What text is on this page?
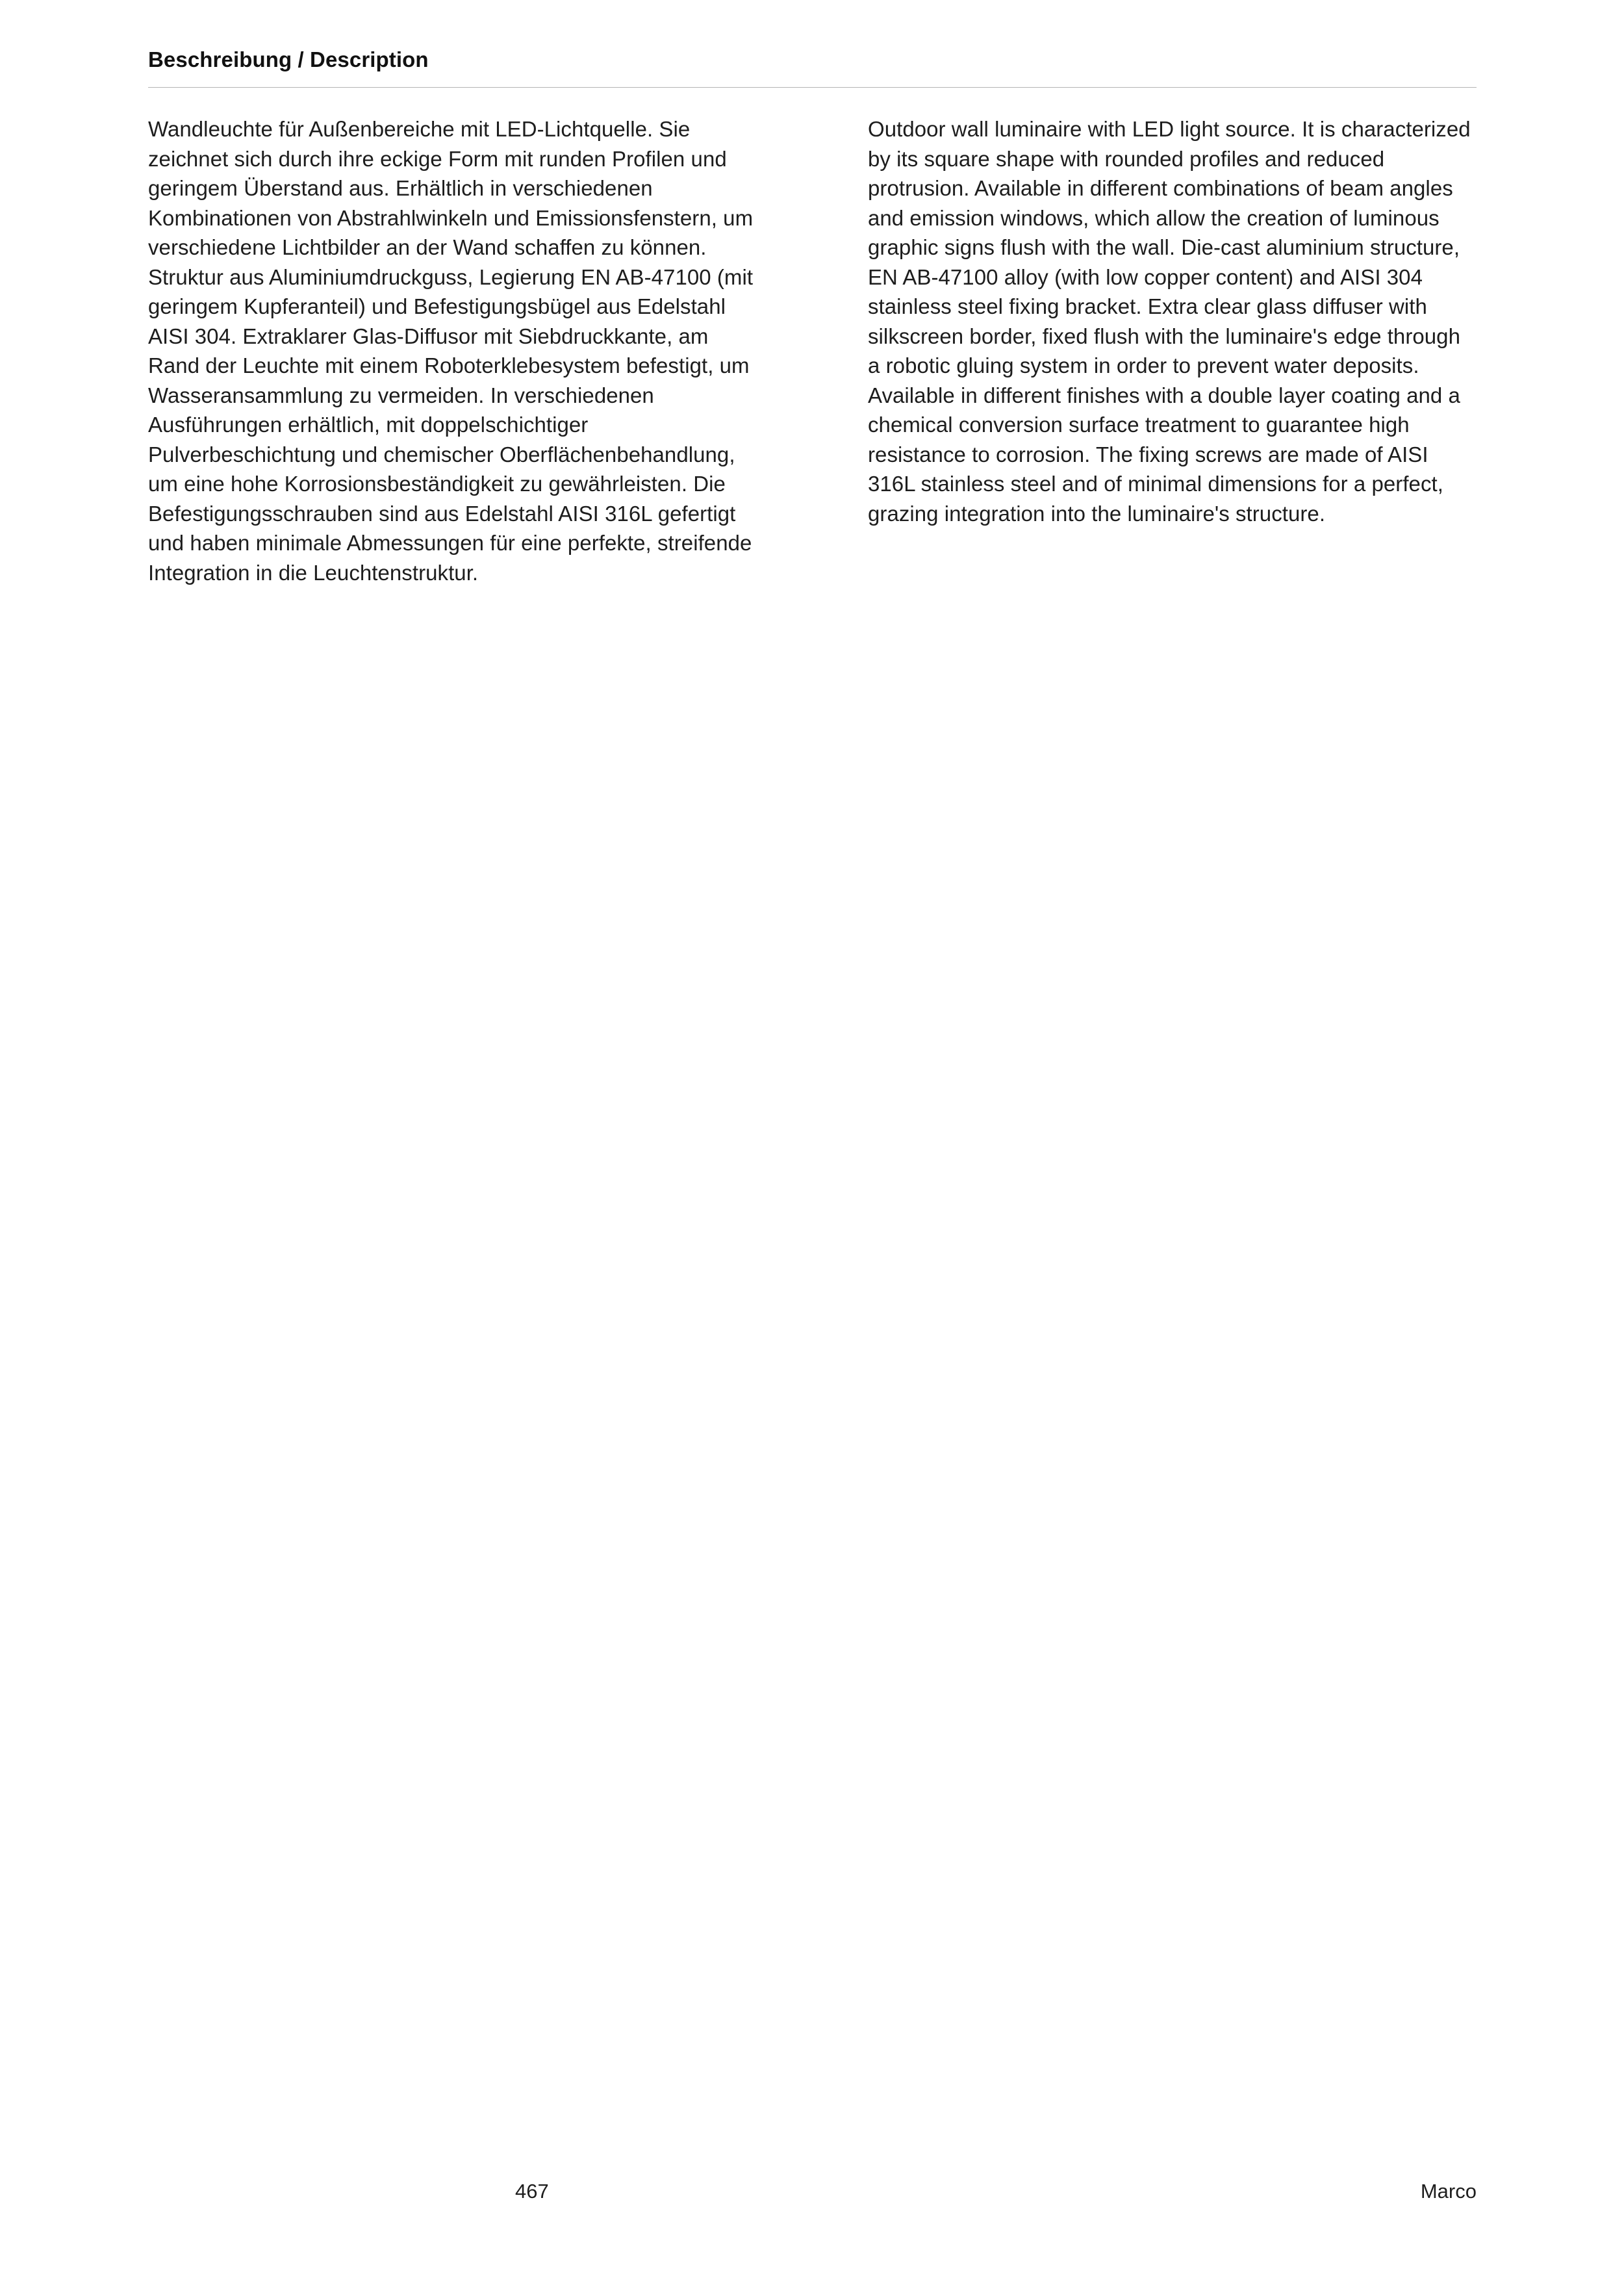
Beschreibung / Description

Wandleuchte für Außenbereiche mit LED-Lichtquelle. Sie zeichnet sich durch ihre eckige Form mit runden Profilen und geringem Überstand aus. Erhältlich in verschiedenen Kombinationen von Abstrahlwinkeln und Emissionsfenstern, um verschiedene Lichtbilder an der Wand schaffen zu können. Struktur aus Aluminiumdruckguss, Legierung EN AB-47100 (mit geringem Kupferanteil) und Befestigungsbügel aus Edelstahl AISI 304. Extraklarer Glas-Diffusor mit Siebdruckkante, am Rand der Leuchte mit einem Roboterklebesystem befestigt, um Wasseransammlung zu vermeiden. In verschiedenen Ausführungen erhältlich, mit doppelschichtiger Pulverbeschichtung und chemischer Oberflächenbehandlung, um eine hohe Korrosionsbeständigkeit zu gewährleisten. Die Befestigungsschrauben sind aus Edelstahl AISI 316L gefertigt und haben minimale Abmessungen für eine perfekte, streifende Integration in die Leuchtenstruktur.

Outdoor wall luminaire with LED light source. It is characterized by its square shape with rounded profiles and reduced protrusion. Available in different combinations of beam angles and emission windows, which allow the creation of luminous graphic signs flush with the wall. Die-cast aluminium structure, EN AB-47100 alloy (with low copper content) and AISI 304 stainless steel fixing bracket. Extra clear glass diffuser with silkscreen border, fixed flush with the luminaire's edge through a robotic gluing system in order to prevent water deposits. Available in different finishes with a double layer coating and a chemical conversion surface treatment to guarantee high resistance to corrosion. The fixing screws are made of AISI 316L stainless steel and of minimal dimensions for a perfect, grazing integration into the luminaire's structure.

467	Marco
